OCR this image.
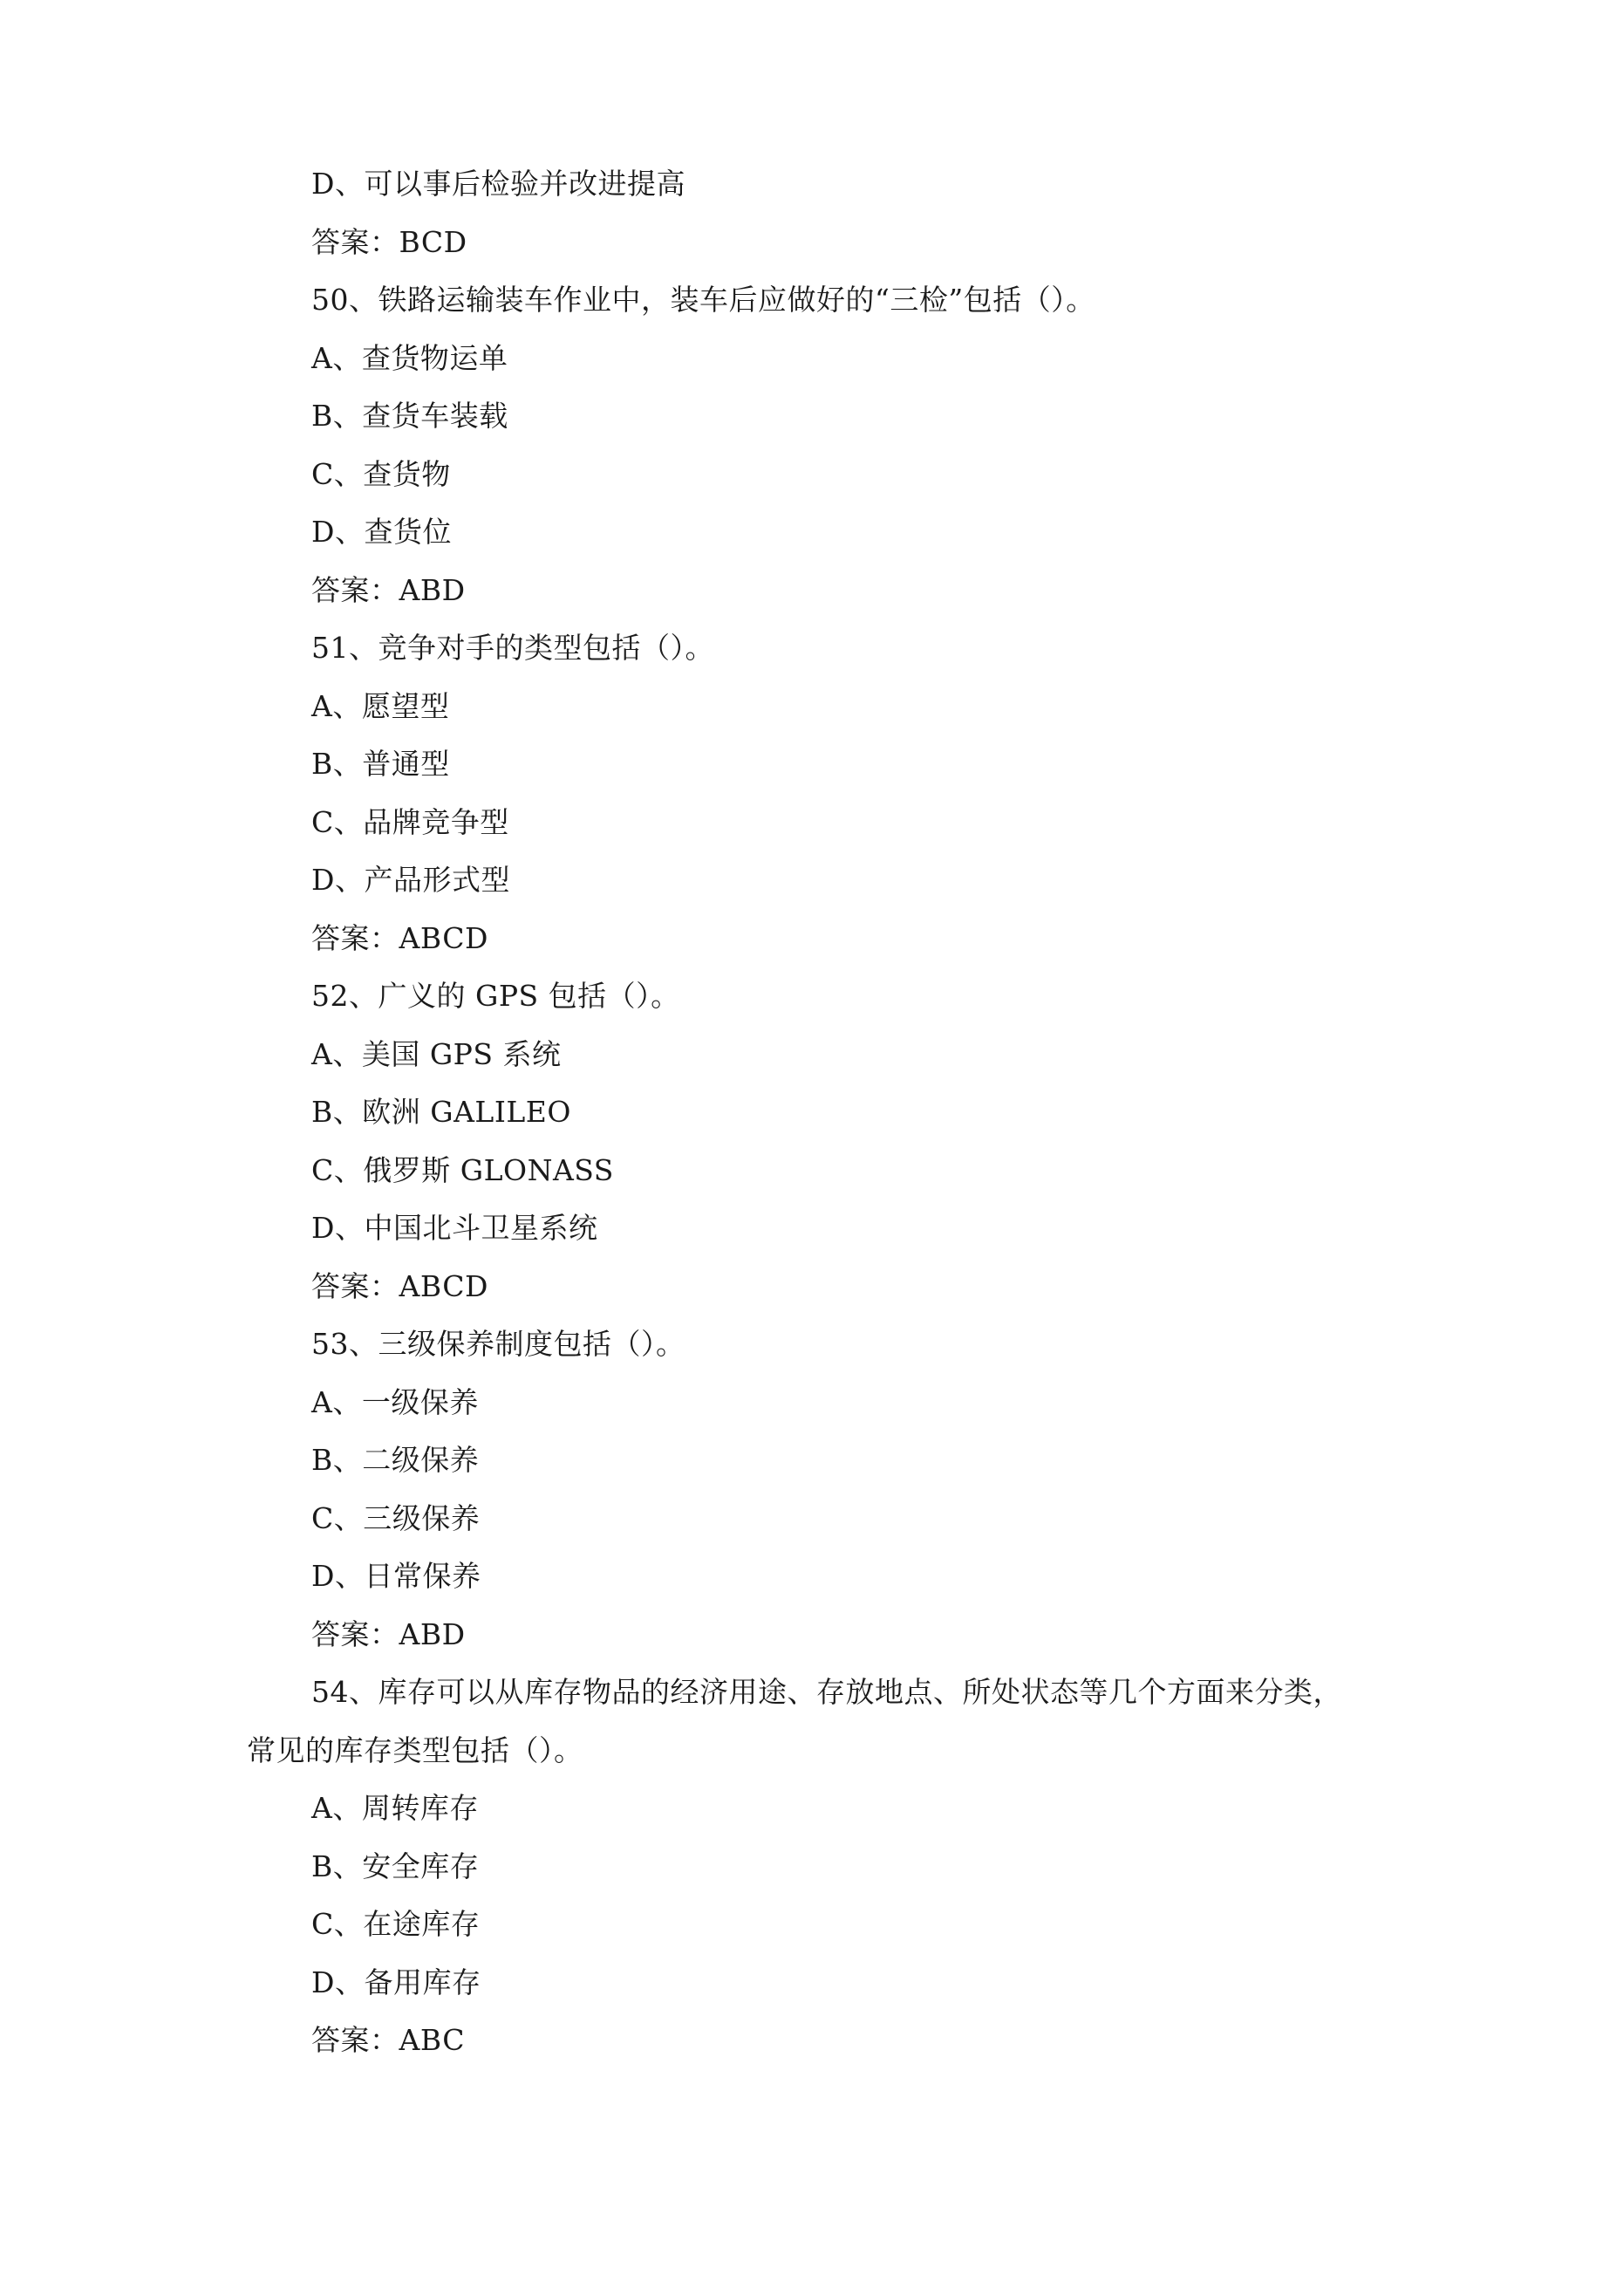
D、可以事后检验并改进提高
答案：BCD
50、铁路运输装车作业中，装车后应做好的“三检”包括（）。
A、查货物运单
B、查货车装载
C、查货物
D、查货位
答案：ABD
51、竞争对手的类型包括（）。
A、愿望型
B、普通型
C、品牌竞争型
D、产品形式型
答案：ABCD
52、广义的 GPS 包括（）。
A、美国 GPS 系统
B、欧洲 GALILEO
C、俄罗斯 GLONASS
D、中国北斗卫星系统
答案：ABCD
53、三级保养制度包括（）。
A、一级保养
B、二级保养
C、三级保养
D、日常保养
答案：ABD
54、库存可以从库存物品的经济用途、存放地点、所处状态等几个方面来分类，
常见的库存类型包括（）。
A、周转库存
B、安全库存
C、在途库存
D、备用库存
答案：ABC
